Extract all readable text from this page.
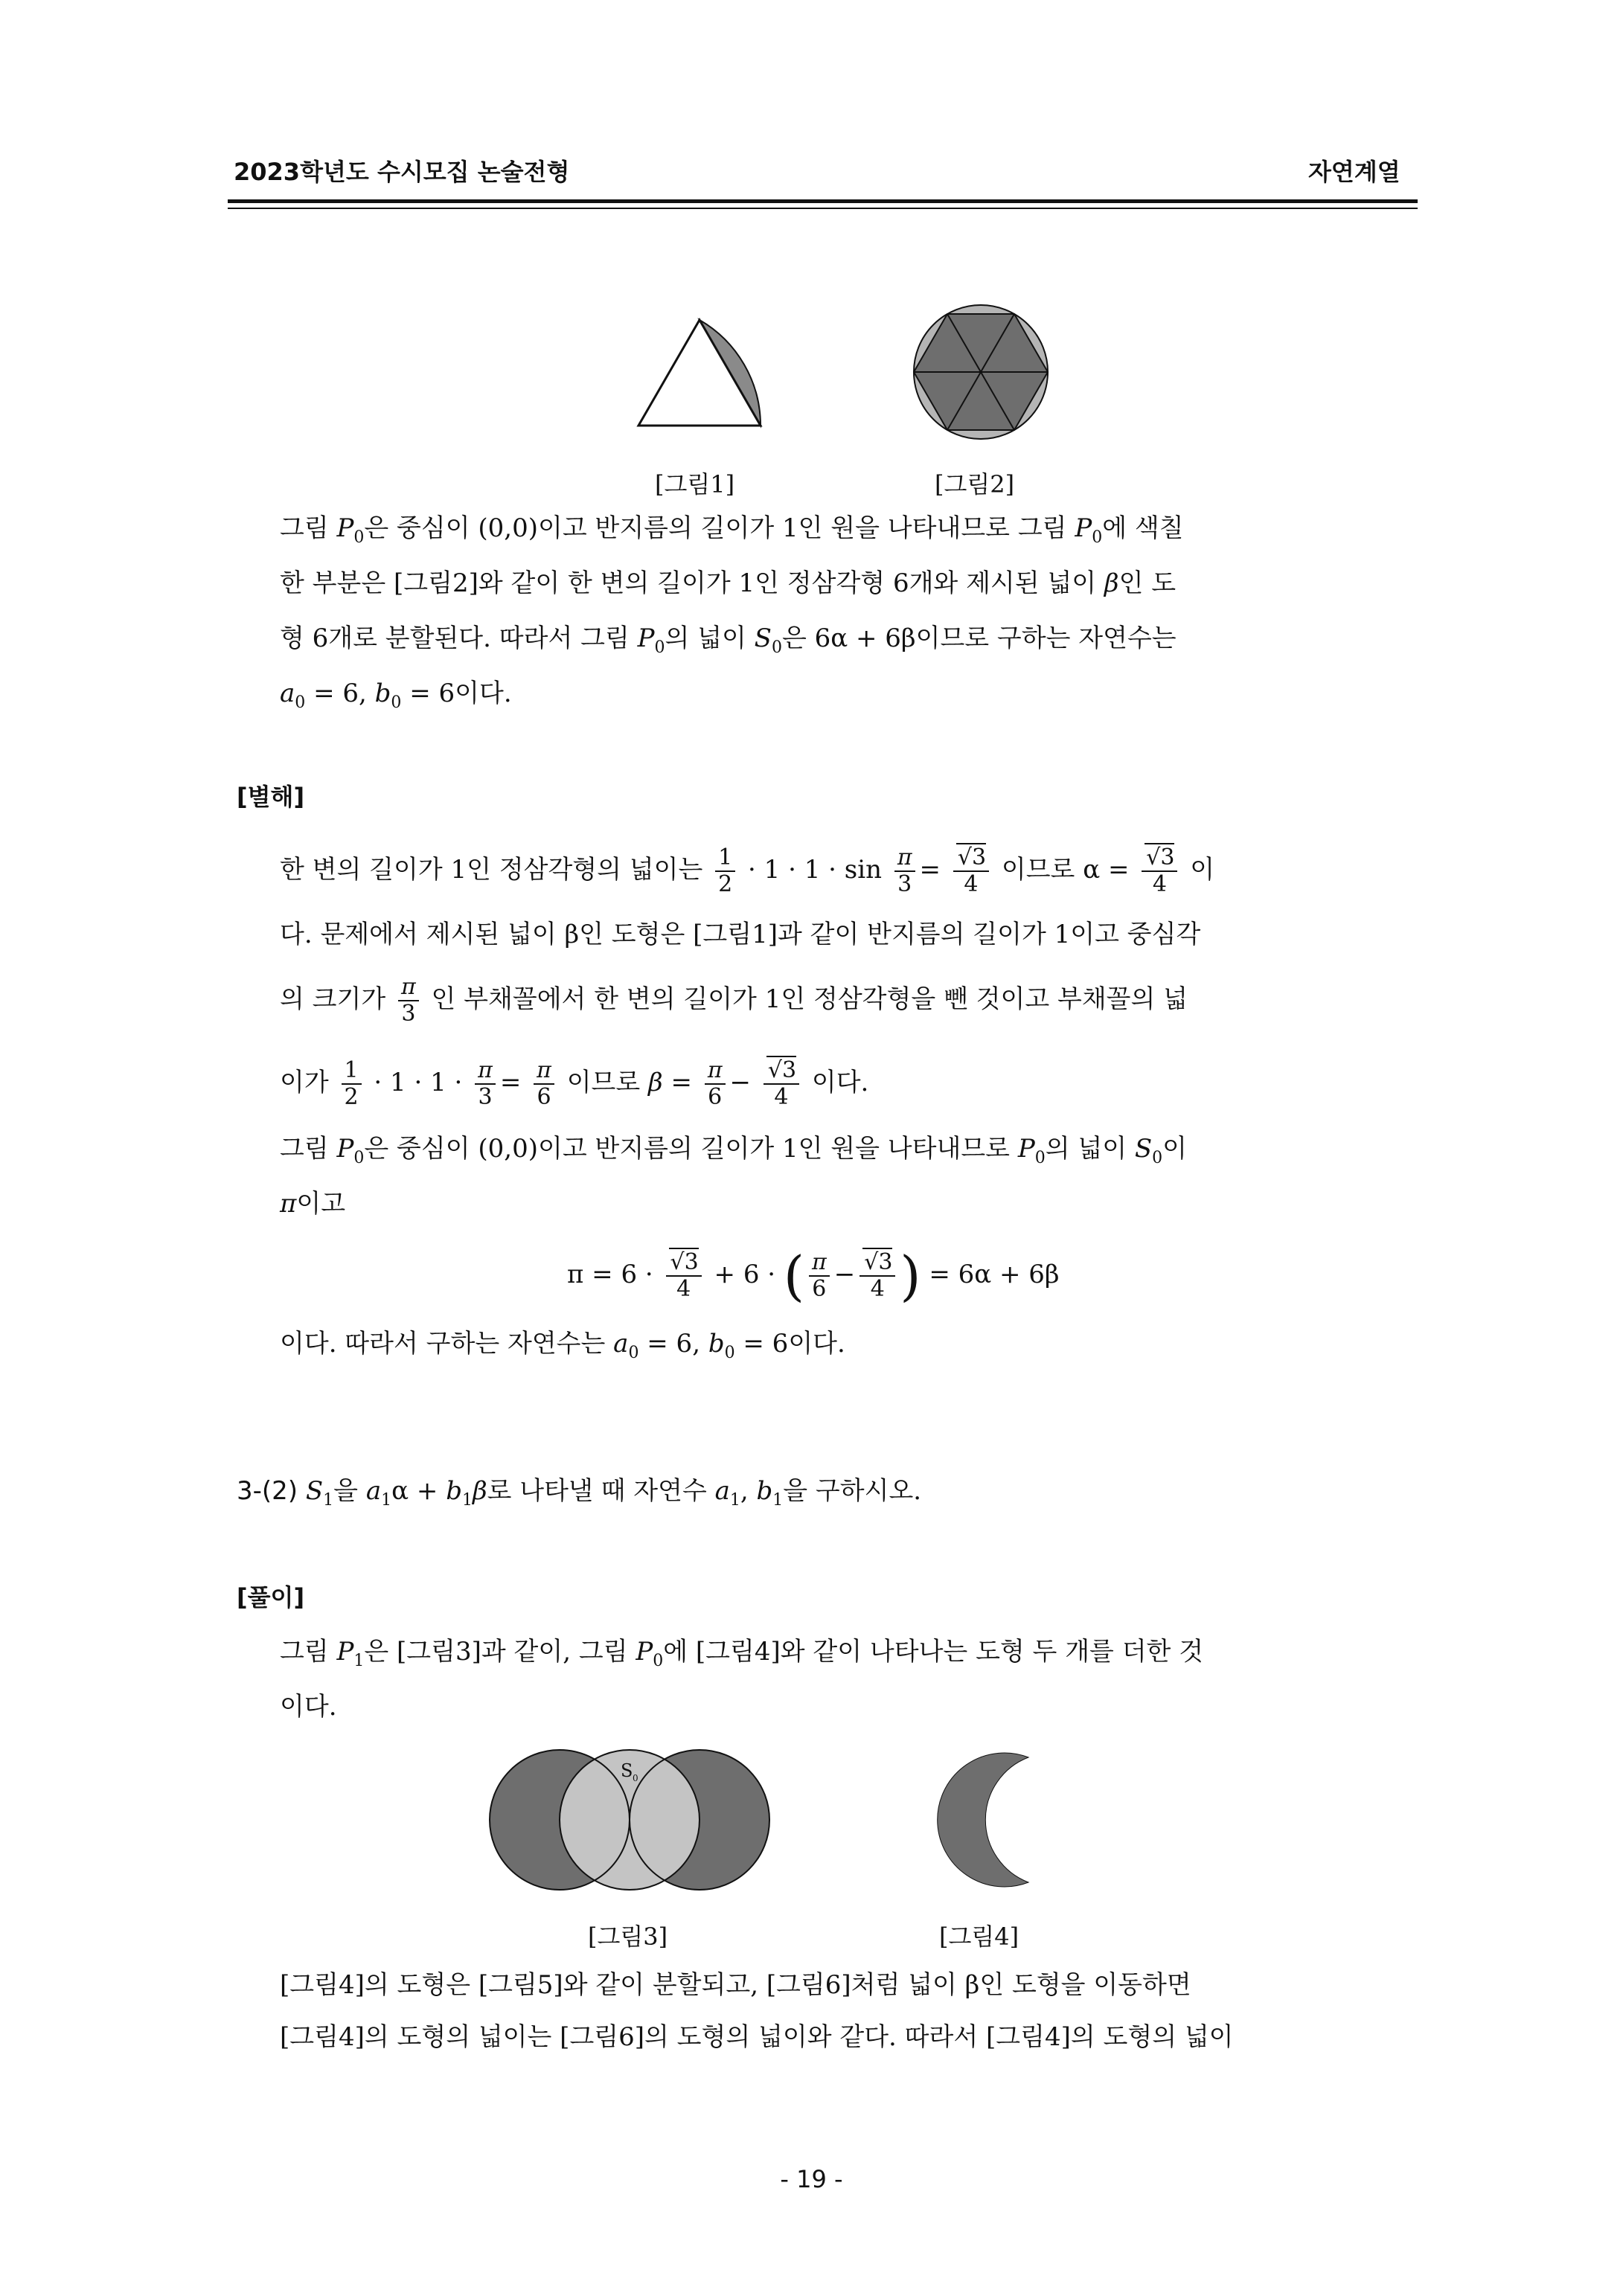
2023학년도 수시모집 논술전형	자연계열
[그림1]	[그림2]
그림 $P_0$은 중심이 (0,0)이고 반지름의 길이가 1인 원을 나타내므로 그림 $P_0$에 색칠
한 부분은 [그림2]와 같이 한 변의 길이가 1인 정삼각형 6개와 제시된 넓이 β인 도
형 6개로 분할된다. 따라서 그림 $P_0$의 넓이 $S_0$은 6α + 6β이므로 구하는 자연수는
$a_0 = 6$, $b_0 = 6$이다.
[별해]
한 변의 길이가 1인 정삼각형의 넓이는 $\frac{1}{2} \cdot 1 \cdot 1 \cdot \sin \frac{\pi}{3} = \frac{√3}{4}$ 이므로 $\alpha = \frac{√3}{4}$ 이
다. 문제에서 제시된 넓이 β인 도형은 [그림1]과 같이 반지름의 길이가 1이고 중심각
의 크기가 $\frac{\pi}{3}$ 인 부채꼴에서 한 변의 길이가 1인 정삼각형을 뺀 것이고 부채꼴의 넓
이가 $\frac{1}{2} \cdot 1 \cdot 1 \cdot \frac{\pi}{3} = \frac{\pi}{6}$ 이므로 $\beta = \frac{\pi}{6} - \frac{√3}{4}$ 이다.
그림 $P_0$은 중심이 (0,0)이고 반지름의 길이가 1인 원을 나타내므로 $P_0$의 넓이 $S_0$이
π이고
$\pi = 6 \cdot \frac{√3}{4} + 6$ · ( $\frac{\pi}{6} - \frac{√3}{4}$ ) = 6α + 6β
이다. 따라서 구하는 자연수는 $a_0 = 6$, $b_0 = 6$이다.
3-(2) $S_1$을 $a_1\alpha + b_1\beta$로 나타낼 때 자연수 $a_1$, $b_1$을 구하시오.
[풀이]
그림 $P_1$은 [그림3]과 같이, 그림 $P_0$에 [그림4]와 같이 나타나는 도형 두 개를 더한 것
이다.
S 0
[그림3]	[그림4]
[그림4]의 도형은 [그림5]와 같이 분할되고, [그림6]처럼 넓이 β인 도형을 이동하면
[그림4]의 도형의 넓이는 [그림6]의 도형의 넓이와 같다. 따라서 [그림4]의 도형의 넓이
- 19 -
